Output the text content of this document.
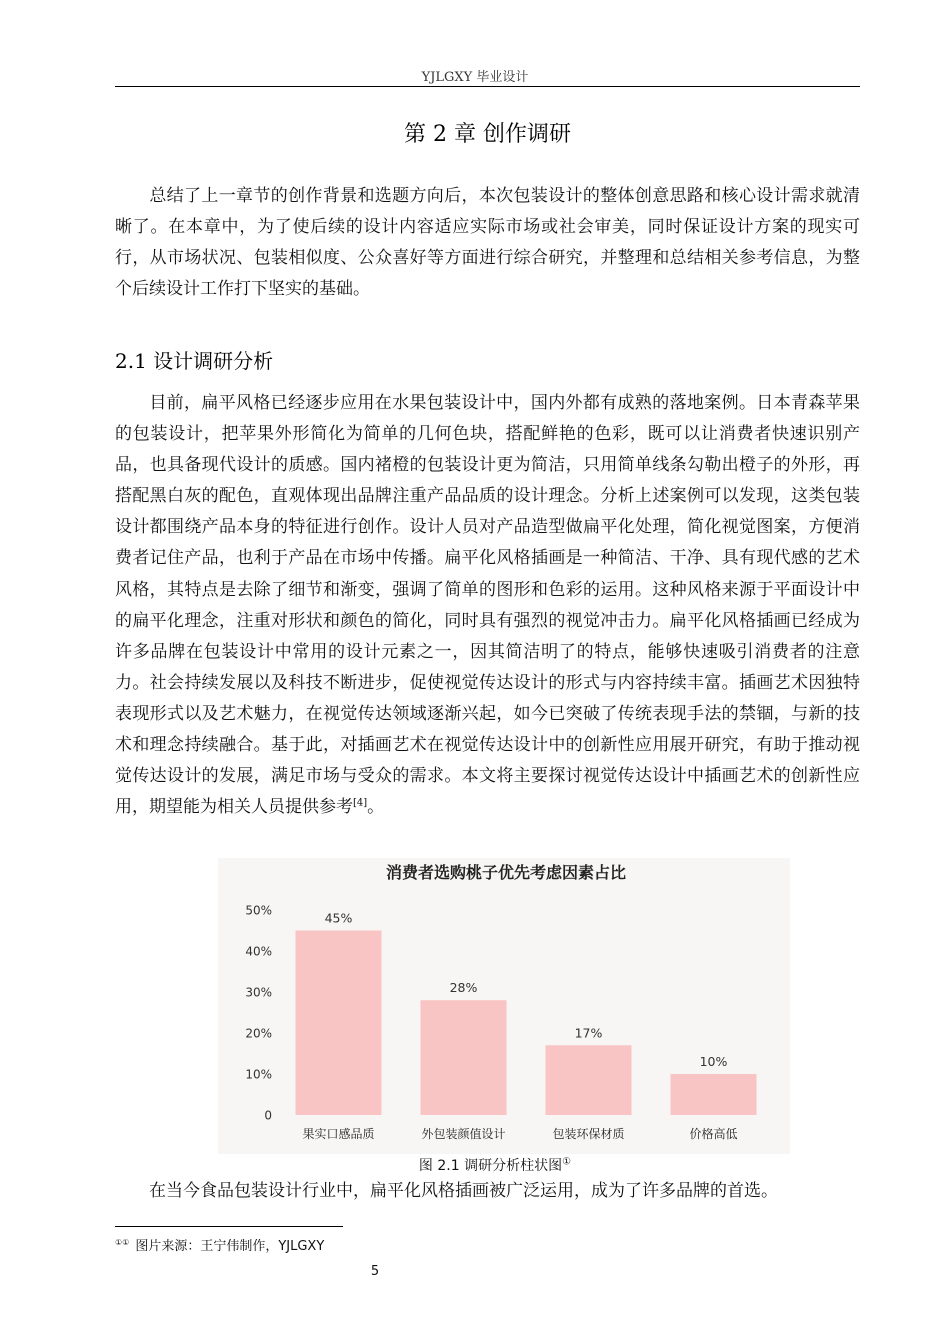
YJLGXY 毕业设计
第 2 章 创作调研

总结了上一章节的创作背景和选题方向后，本次包装设计的整体创意思路和核心设计需求就清晰了。在本章中，为了使后续的设计内容适应实际市场或社会审美，同时保证设计方案的现实可行，从市场状况、包装相似度、公众喜好等方面进行综合研究，并整理和总结相关参考信息，为整个后续设计工作打下坚实的基础。

2.1 设计调研分析

目前，扁平风格已经逐步应用在水果包装设计中，国内外都有成熟的落地案例。日本青森苹果的包装设计，把苹果外形简化为简单的几何色块，搭配鲜艳的色彩，既可以让消费者快速识别产品，也具备现代设计的质感。国内褚橙的包装设计更为简洁，只用简单线条勾勒出橙子的外形，再搭配黑白灰的配色，直观体现出品牌注重产品品质的设计理念。分析上述案例可以发现，这类包装设计都围绕产品本身的特征进行创作。设计人员对产品造型做扁平化处理，简化视觉图案，方便消费者记住产品，也利于产品在市场中传播。扁平化风格插画是一种简洁、干净、具有现代感的艺术风格，其特点是去除了细节和渐变，强调了简单的图形和色彩的运用。这种风格来源于平面设计中的扁平化理念，注重对形状和颜色的简化，同时具有强烈的视觉冲击力。扁平化风格插画已经成为许多品牌在包装设计中常用的设计元素之一，因其简洁明了的特点，能够快速吸引消费者的注意力。社会持续发展以及科技不断进步，促使视觉传达设计的形式与内容持续丰富。插画艺术因独特表现形式以及艺术魅力，在视觉传达领域逐渐兴起，如今已突破了传统表现手法的禁锢，与新的技术和理念持续融合。基于此，对插画艺术在视觉传达设计中的创新性应用展开研究，有助于推动视觉传达设计的发展，满足市场与受众的需求。本文将主要探讨视觉传达设计中插画艺术的创新性应用，期望能为相关人员提供参考[4]。

消费者选购桃子优先考虑因素占比
0
10%
20%
30%
40%
50%	45%
果实口感品质
28%
外包装颜值设计
17%
包装环保材质
10%
价格高低
图 2.1 调研分析柱状图①

在当今食品包装设计行业中，扁平化风格插画被广泛运用，成为了许多品牌的首选。

①① 图片来源：王宁伟制作，YJLGXY
5
